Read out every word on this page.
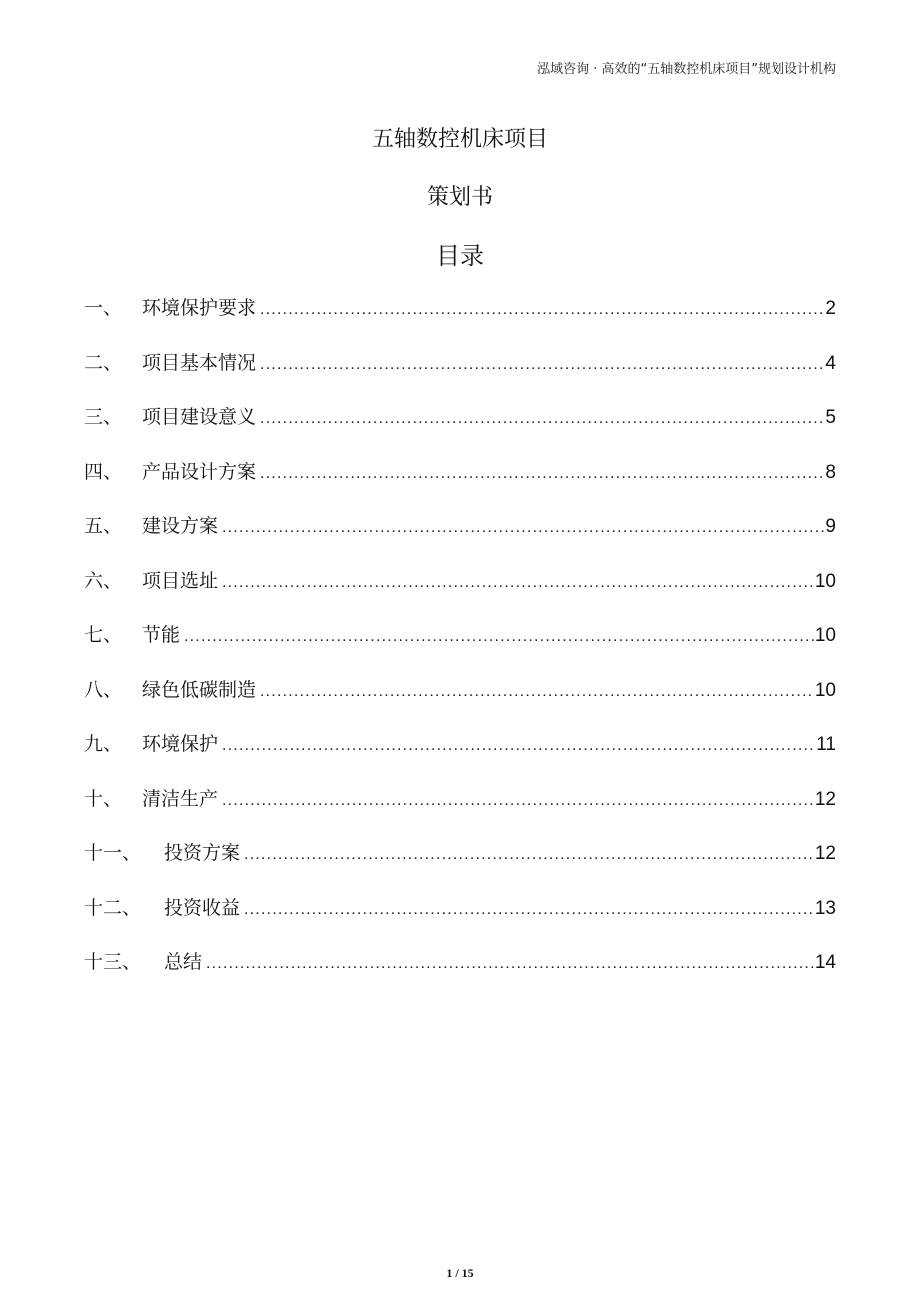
泓域咨询 · 高效的“五轴数控机床项目”规划设计机构
五轴数控机床项目
策划书
目录
一、	环境保护要求 .....	2
二、	项目基本情况 .....	4
三、	项目建设意义 .....	5
四、	产品设计方案 .....	8
五、	建设方案 .....	9
六、	项目选址 .....	10
七、	节能 .....	10
八、	绿色低碳制造 .....	10
九、	环境保护 .....	11
十、	清洁生产 .....	12
十一、	投资方案 .....	12
十二、	投资收益 .....	13
十三、	总结 .....	14
1 / 15
